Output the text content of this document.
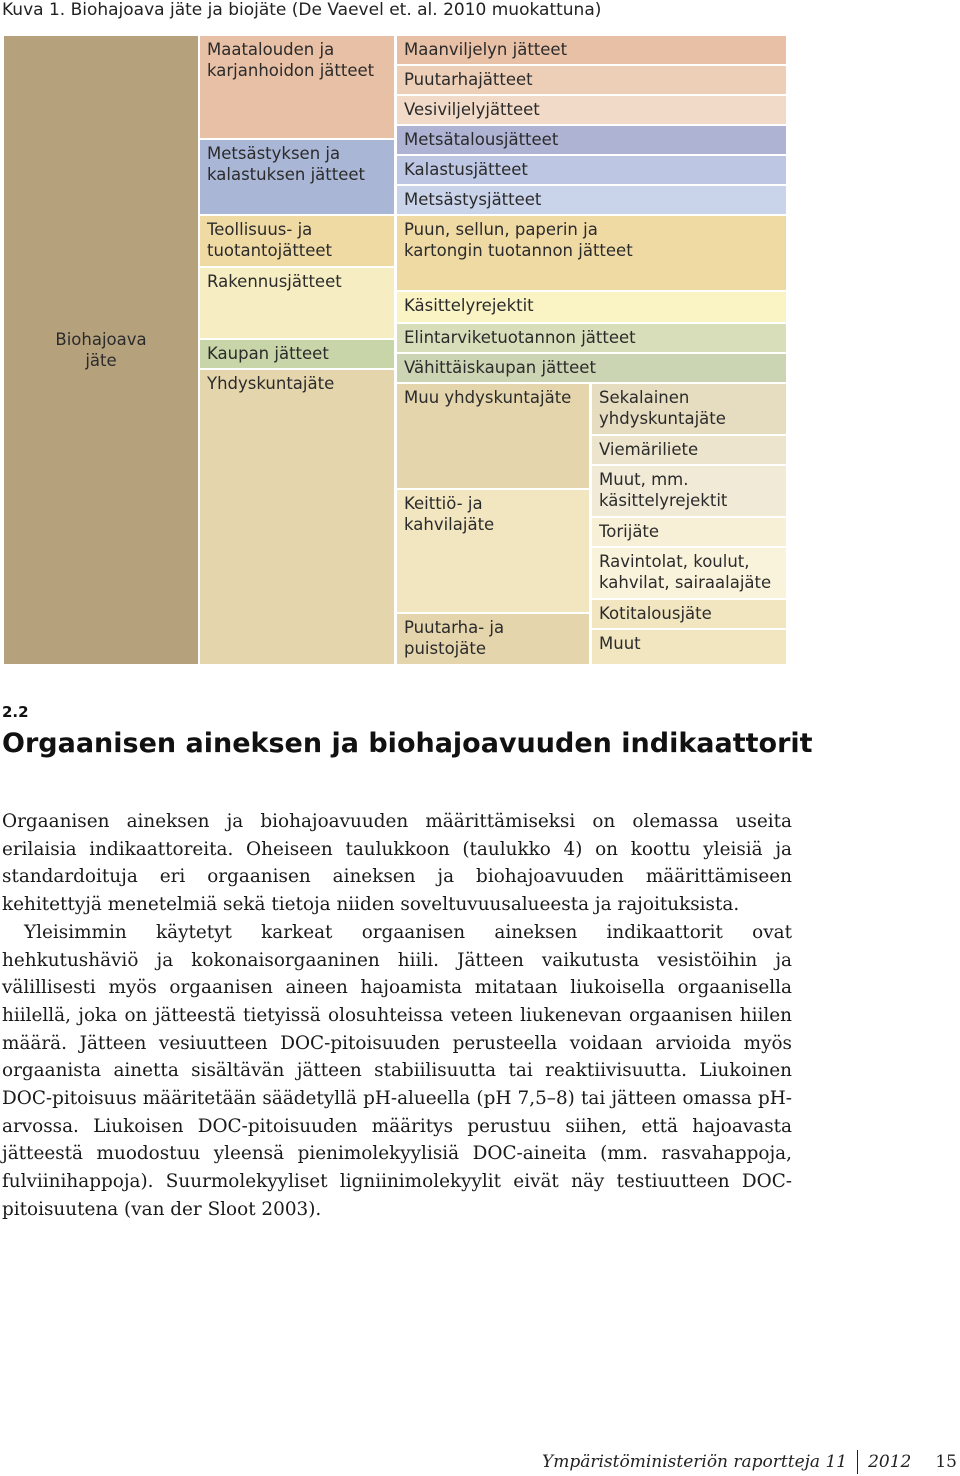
Kuva 1. Biohajoava jäte ja biojäte (De Vaevel et. al. 2010 muokattuna)
Biohajoava
jäte
Maatalouden ja
karjanhoidon jätteet
Metsästyksen ja
kalastuksen jätteet
Teollisuus- ja
tuotantojätteet
Rakennusjätteet
Kaupan jätteet
Yhdyskuntajäte
Maanviljelyn jätteet
Puutarhajätteet
Vesiviljelyjätteet
Metsätalousjätteet
Kalastusjätteet
Metsästysjätteet
Puun, sellun, paperin ja
kartongin tuotannon jätteet
Käsittelyrejektit
Elintarviketuotannon jätteet
Vähittäiskaupan jätteet
Muu yhdyskuntajäte
Keittiö- ja
kahvilajäte
Puutarha- ja
puistojäte
Sekalainen
yhdyskuntajäte
Viemäriliete
Muut, mm.
käsittelyrejektit
Torijäte
Ravintolat, koulut,
kahvilat, sairaalajäte
Kotitalousjäte
Muut
2.2
Orgaanisen aineksen ja biohajoavuuden indikaattorit

Orgaanisen aineksen ja biohajoavuuden määrittämiseksi on olemassa useita erilaisia indikaattoreita. Oheiseen taulukkoon (taulukko 4) on koottu yleisiä ja standardoituja eri orgaanisen aineksen ja biohajoavuuden määrittämiseen kehitettyjä menetelmiä sekä tietoja niiden soveltuvuusalueesta ja rajoituksista.

Yleisimmin käytetyt karkeat orgaanisen aineksen indikaattorit ovat hehkutushäviö ja kokonaisorgaaninen hiili. Jätteen vaikutusta vesistöihin ja välillisesti myös orgaanisen aineen hajoamista mitataan liukoisella orgaanisella hiilellä, joka on jätteestä tietyissä olosuhteissa veteen liukenevan orgaanisen hiilen määrä. Jätteen vesiuutteen DOC-pitoisuuden perusteella voidaan arvioida myös orgaanista ainetta sisältävän jätteen stabiilisuutta tai reaktiivisuutta. Liukoinen DOC-pitoisuus määritetään säädetyllä pH-alueella (pH 7,5–8) tai jätteen omassa pH-arvossa. Liukoisen DOC-pitoisuuden määritys perustuu siihen, että hajoavasta jätteestä muodostuu yleensä pienimolekyylisiä DOC-aineita (mm. rasvahappoja, fulviinihappoja). Suurmolekyyliset ligniinimolekyylit eivät näy testiuutteen DOC-pitoisuutena (van der Sloot 2003).

Ympäristöministeriön raportteja 11 2012 15
